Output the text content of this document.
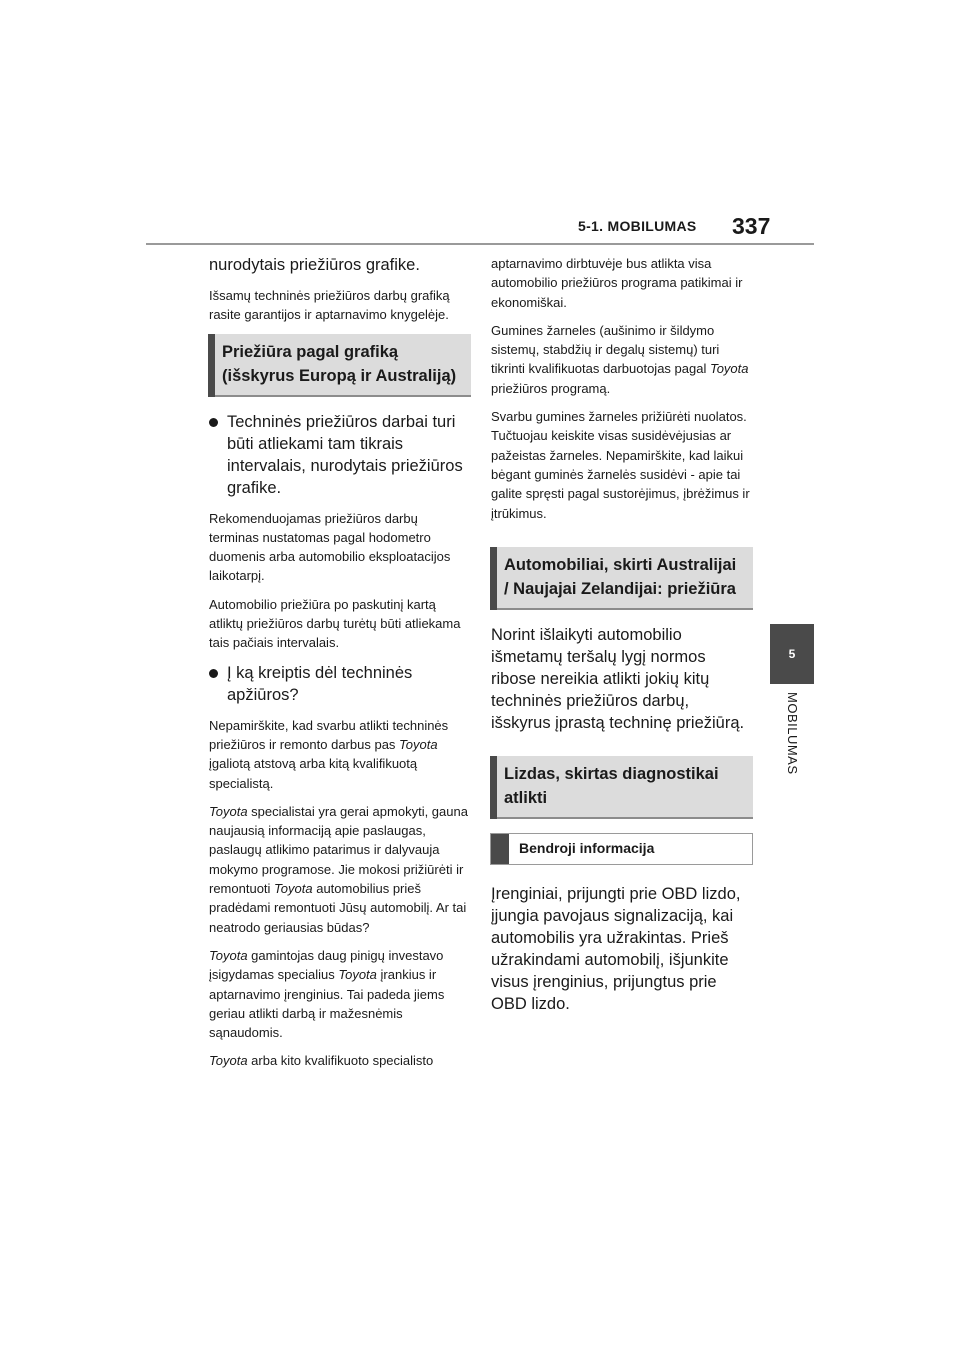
5-1. MOBILUMAS 337
5
MOBILUMAS

nurodytais priežiūros grafike.

Išsamų techninės priežiūros darbų grafiką rasite garantijos ir aptarnavimo knygelėje.

Priežiūra pagal grafiką (išskyrus Europą ir Australiją)
Techninės priežiūros darbai turi būti atliekami tam tikrais intervalais, nurodytais priežiūros grafike.

Rekomenduojamas priežiūros darbų terminas nustatomas pagal hodometro duomenis arba automobilio eksploatacijos laikotarpį.

Automobilio priežiūra po paskutinį kartą atliktų priežiūros darbų turėtų būti atliekama tais pačiais intervalais.

Į ką kreiptis dėl techninės apžiūros?

Nepamirškite, kad svarbu atlikti techninės priežiūros ir remonto darbus pas Toyota įgaliotą atstovą arba kitą kvalifikuotą specialistą.

Toyota specialistai yra gerai apmokyti, gauna naujausią informaciją apie paslaugas, paslaugų atlikimo patarimus ir dalyvauja mokymo programose. Jie mokosi prižiūrėti ir remontuoti Toyota automobilius prieš pradėdami remontuoti Jūsų automobilį. Ar tai neatrodo geriausias būdas?

Toyota gamintojas daug pinigų investavo įsigydamas specialius Toyota įrankius ir aptarnavimo įrenginius. Tai padeda jiems geriau atlikti darbą ir mažesnėmis sąnaudomis.

Toyota arba kito kvalifikuoto specialisto

aptarnavimo dirbtuvėje bus atlikta visa automobilio priežiūros programa patikimai ir ekonomiškai.

Gumines žarneles (aušinimo ir šildymo sistemų, stabdžių ir degalų sistemų) turi tikrinti kvalifikuotas darbuotojas pagal Toyota priežiūros programą.

Svarbu gumines žarneles prižiūrėti nuolatos. Tučtuojau keiskite visas susidėvėjusias ar pažeistas žarneles. Nepamirškite, kad laikui bėgant guminės žarnelės susidėvi - apie tai galite spręsti pagal sustorėjimus, įbrėžimus ir įtrūkimus.

Automobiliai, skirti Australijai / Naujajai Zelandijai: priežiūra

Norint išlaikyti automobilio išmetamų teršalų lygį normos ribose nereikia atlikti jokių kitų techninės priežiūros darbų, išskyrus įprastą techninę priežiūrą.

Lizdas, skirtas diagnostikai atlikti
Bendroji informacija

Įrenginiai, prijungti prie OBD lizdo, įjungia pavojaus signalizaciją, kai automobilis yra užrakintas. Prieš užrakindami automobilį, išjunkite visus įrenginius, prijungtus prie OBD lizdo.
